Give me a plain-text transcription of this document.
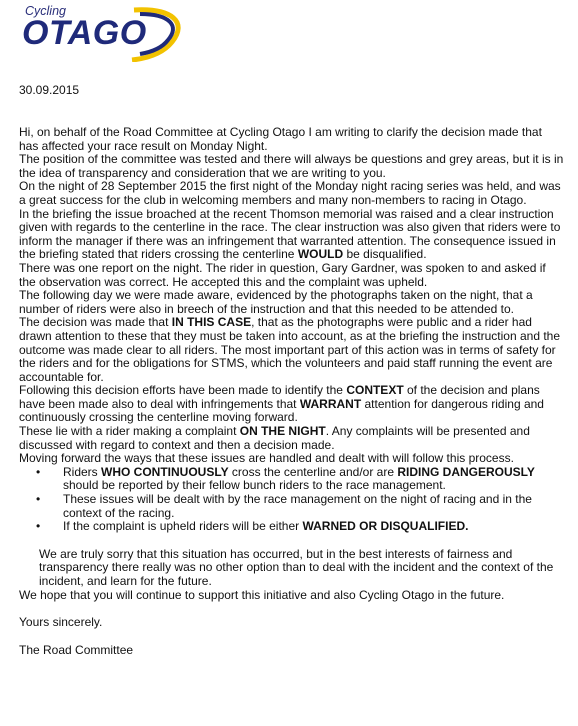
Cycling
OTAGO
30.09.2015

Hi, on behalf of the Road Committee at Cycling Otago I am writing to clarify the decision made that has affected your race result on Monday Night.

The position of the committee was tested and there will always be questions and grey areas, but it is in the idea of transparency and consideration that we are writing to you.

On the night of 28 September 2015 the first night of the Monday night racing series was held, and was a great success for the club in welcoming members and many non-members to racing in Otago.

In the briefing the issue broached at the recent Thomson memorial was raised and a clear instruction given with regards to the centerline in the race. The clear instruction was also given that riders were to inform the manager if there was an infringement that warranted attention. The consequence issued in the briefing stated that riders crossing the centerline WOULD be disqualified.

There was one report on the night. The rider in question, Gary Gardner, was spoken to and asked if the observation was correct. He accepted this and the complaint was upheld.

The following day we were made aware, evidenced by the photographs taken on the night, that a number of riders were also in breech of the instruction and that this needed to be attended to.

The decision was made that IN THIS CASE, that as the photographs were public and a rider had drawn attention to these that they must be taken into account, as at the briefing the instruction and the outcome was made clear to all riders. The most important part of this action was in terms of safety for the riders and for the obligations for STMS, which the volunteers and paid staff running the event are accountable for.

Following this decision efforts have been made to identify the CONTEXT of the decision and plans have been made also to deal with infringements that WARRANT attention for dangerous riding and continuously crossing the centerline moving forward.

These lie with a rider making a complaint ON THE NIGHT. Any complaints will be presented and discussed with regard to context and then a decision made.

Moving forward the ways that these issues are handled and dealt with will follow this process.

• Riders WHO CONTINUOUSLY cross the centerline and/or are RIDING DANGEROUSLY should be reported by their fellow bunch riders to the race management.
• These issues will be dealt with by the race management on the night of racing and in the context of the racing.
• If the complaint is upheld riders will be either WARNED OR DISQUALIFIED.

We are truly sorry that this situation has occurred, but in the best interests of fairness and transparency there really was no other option than to deal with the incident and the context of the incident, and learn for the future.

We hope that you will continue to support this initiative and also Cycling Otago in the future.

Yours sincerely.

The Road Committee
